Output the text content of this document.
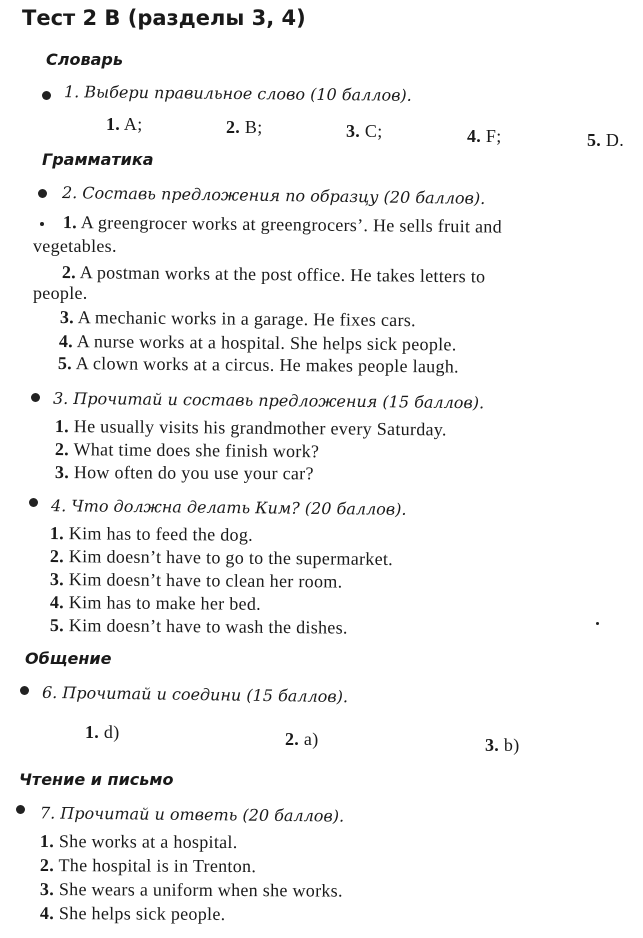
Тест 2 B (разделы 3, 4)
Словарь
1. Выбери правильное слово (10 баллов).
1. A;	2. B;	3. C;	4. F;	5. D.
Грамматика
2. Составь предложения по образцу (20 баллов).
1. A greengrocer works at greengrocers’. He sells fruit and
vegetables.
2. A postman works at the post office. He takes letters to
people.
3. A mechanic works in a garage. He fixes cars.
4. A nurse works at a hospital. She helps sick people.
5. A clown works at a circus. He makes people laugh.
3. Прочитай и составь предложения (15 баллов).
1. He usually visits his grandmother every Saturday.
2. What time does she finish work?
3. How often do you use your car?
4. Что должна делать Ким? (20 баллов).
1. Kim has to feed the dog.
2. Kim doesn’t have to go to the supermarket.
3. Kim doesn’t have to clean her room.
4. Kim has to make her bed.
5. Kim doesn’t have to wash the dishes.
Общение
6. Прочитай и соедини (15 баллов).
1. d)	2. a)	3. b)
Чтение и письмо
7. Прочитай и ответь (20 баллов).
1. She works at a hospital.
2. The hospital is in Trenton.
3. She wears a uniform when she works.
4. She helps sick people.
